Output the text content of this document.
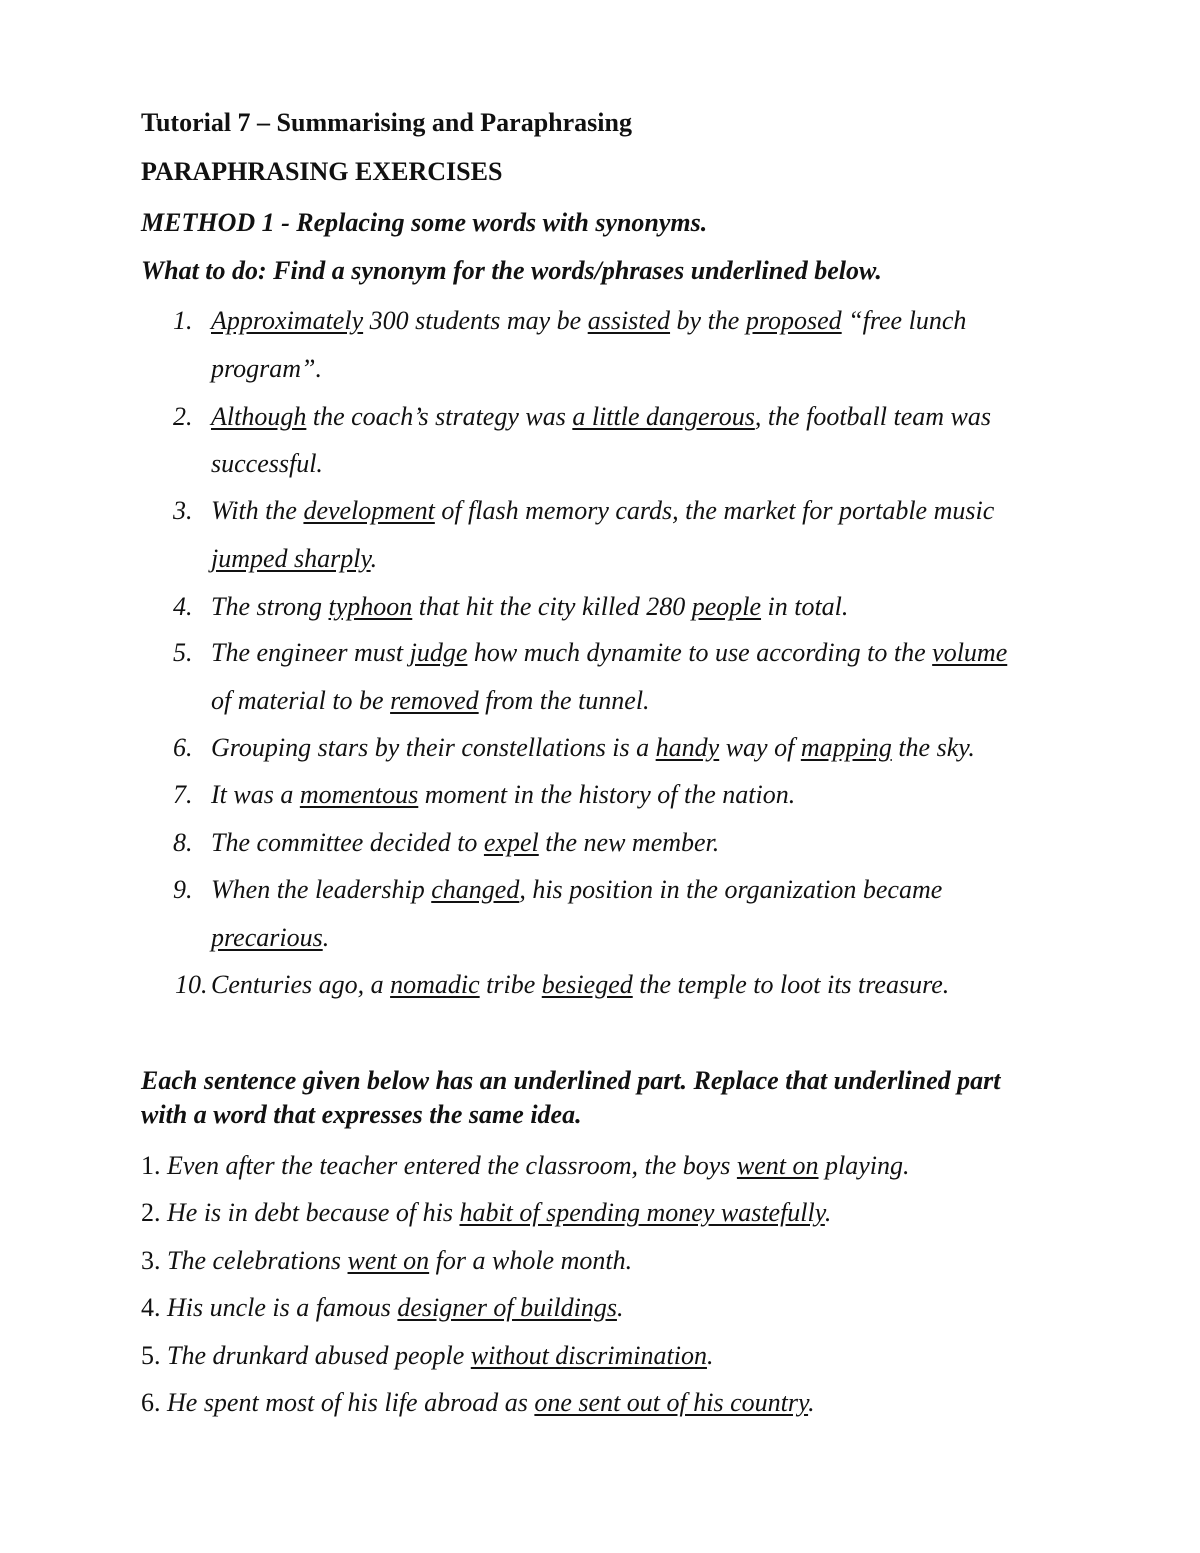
Tutorial 7 – Summarising and Paraphrasing
PARAPHRASING EXERCISES
METHOD 1 - Replacing some words with synonyms.
What to do: Find a synonym for the words/phrases underlined below.
1. Approximately 300 students may be assisted by the proposed “free lunch
program”.
2. Although the coach’s strategy was a little dangerous, the football team was
successful.
3. With the development of flash memory cards, the market for portable music
jumped sharply.
4. The strong typhoon that hit the city killed 280 people in total.
5. The engineer must judge how much dynamite to use according to the volume
of material to be removed from the tunnel.
6. Grouping stars by their constellations is a handy way of mapping the sky.
7. It was a momentous moment in the history of the nation.
8. The committee decided to expel the new member.
9. When the leadership changed, his position in the organization became
precarious.
10. Centuries ago, a nomadic tribe besieged the temple to loot its treasure.
Each sentence given below has an underlined part. Replace that underlined part
with a word that expresses the same idea.
1. Even after the teacher entered the classroom, the boys went on playing.
2. He is in debt because of his habit of spending money wastefully.
3. The celebrations went on for a whole month.
4. His uncle is a famous designer of buildings.
5. The drunkard abused people without discrimination.
6. He spent most of his life abroad as one sent out of his country.
